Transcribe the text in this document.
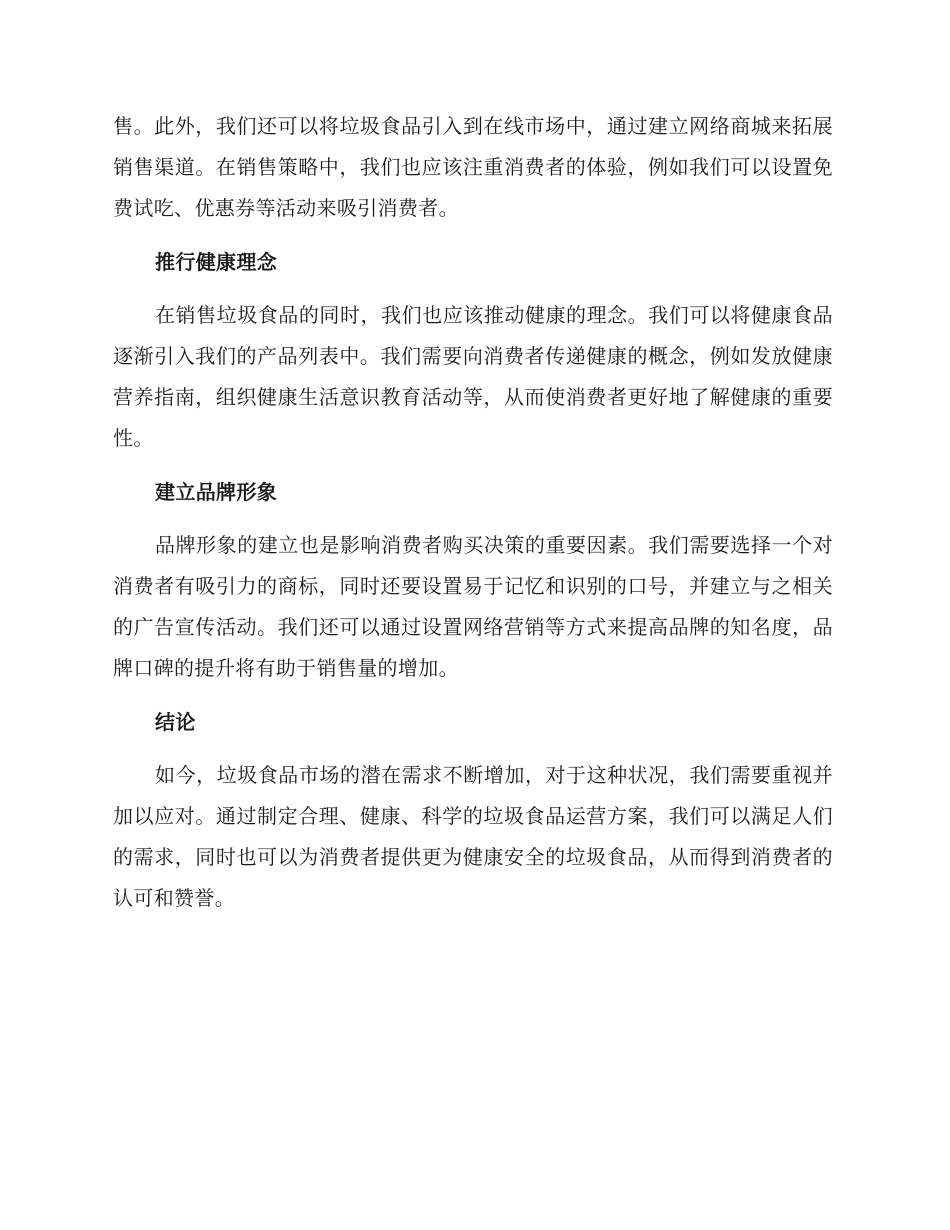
售。此外，我们还可以将垃圾食品引入到在线市场中，通过建立网络商城来拓展销售渠道。在销售策略中，我们也应该注重消费者的体验，例如我们可以设置免费试吃、优惠券等活动来吸引消费者。

推行健康理念

在销售垃圾食品的同时，我们也应该推动健康的理念。我们可以将健康食品逐渐引入我们的产品列表中。我们需要向消费者传递健康的概念，例如发放健康营养指南，组织健康生活意识教育活动等，从而使消费者更好地了解健康的重要性。

建立品牌形象

品牌形象的建立也是影响消费者购买决策的重要因素。我们需要选择一个对消费者有吸引力的商标，同时还要设置易于记忆和识别的口号，并建立与之相关的广告宣传活动。我们还可以通过设置网络营销等方式来提高品牌的知名度，品牌口碑的提升将有助于销售量的增加。

结论

如今，垃圾食品市场的潜在需求不断增加，对于这种状况，我们需要重视并加以应对。通过制定合理、健康、科学的垃圾食品运营方案，我们可以满足人们的需求，同时也可以为消费者提供更为健康安全的垃圾食品，从而得到消费者的认可和赞誉。
